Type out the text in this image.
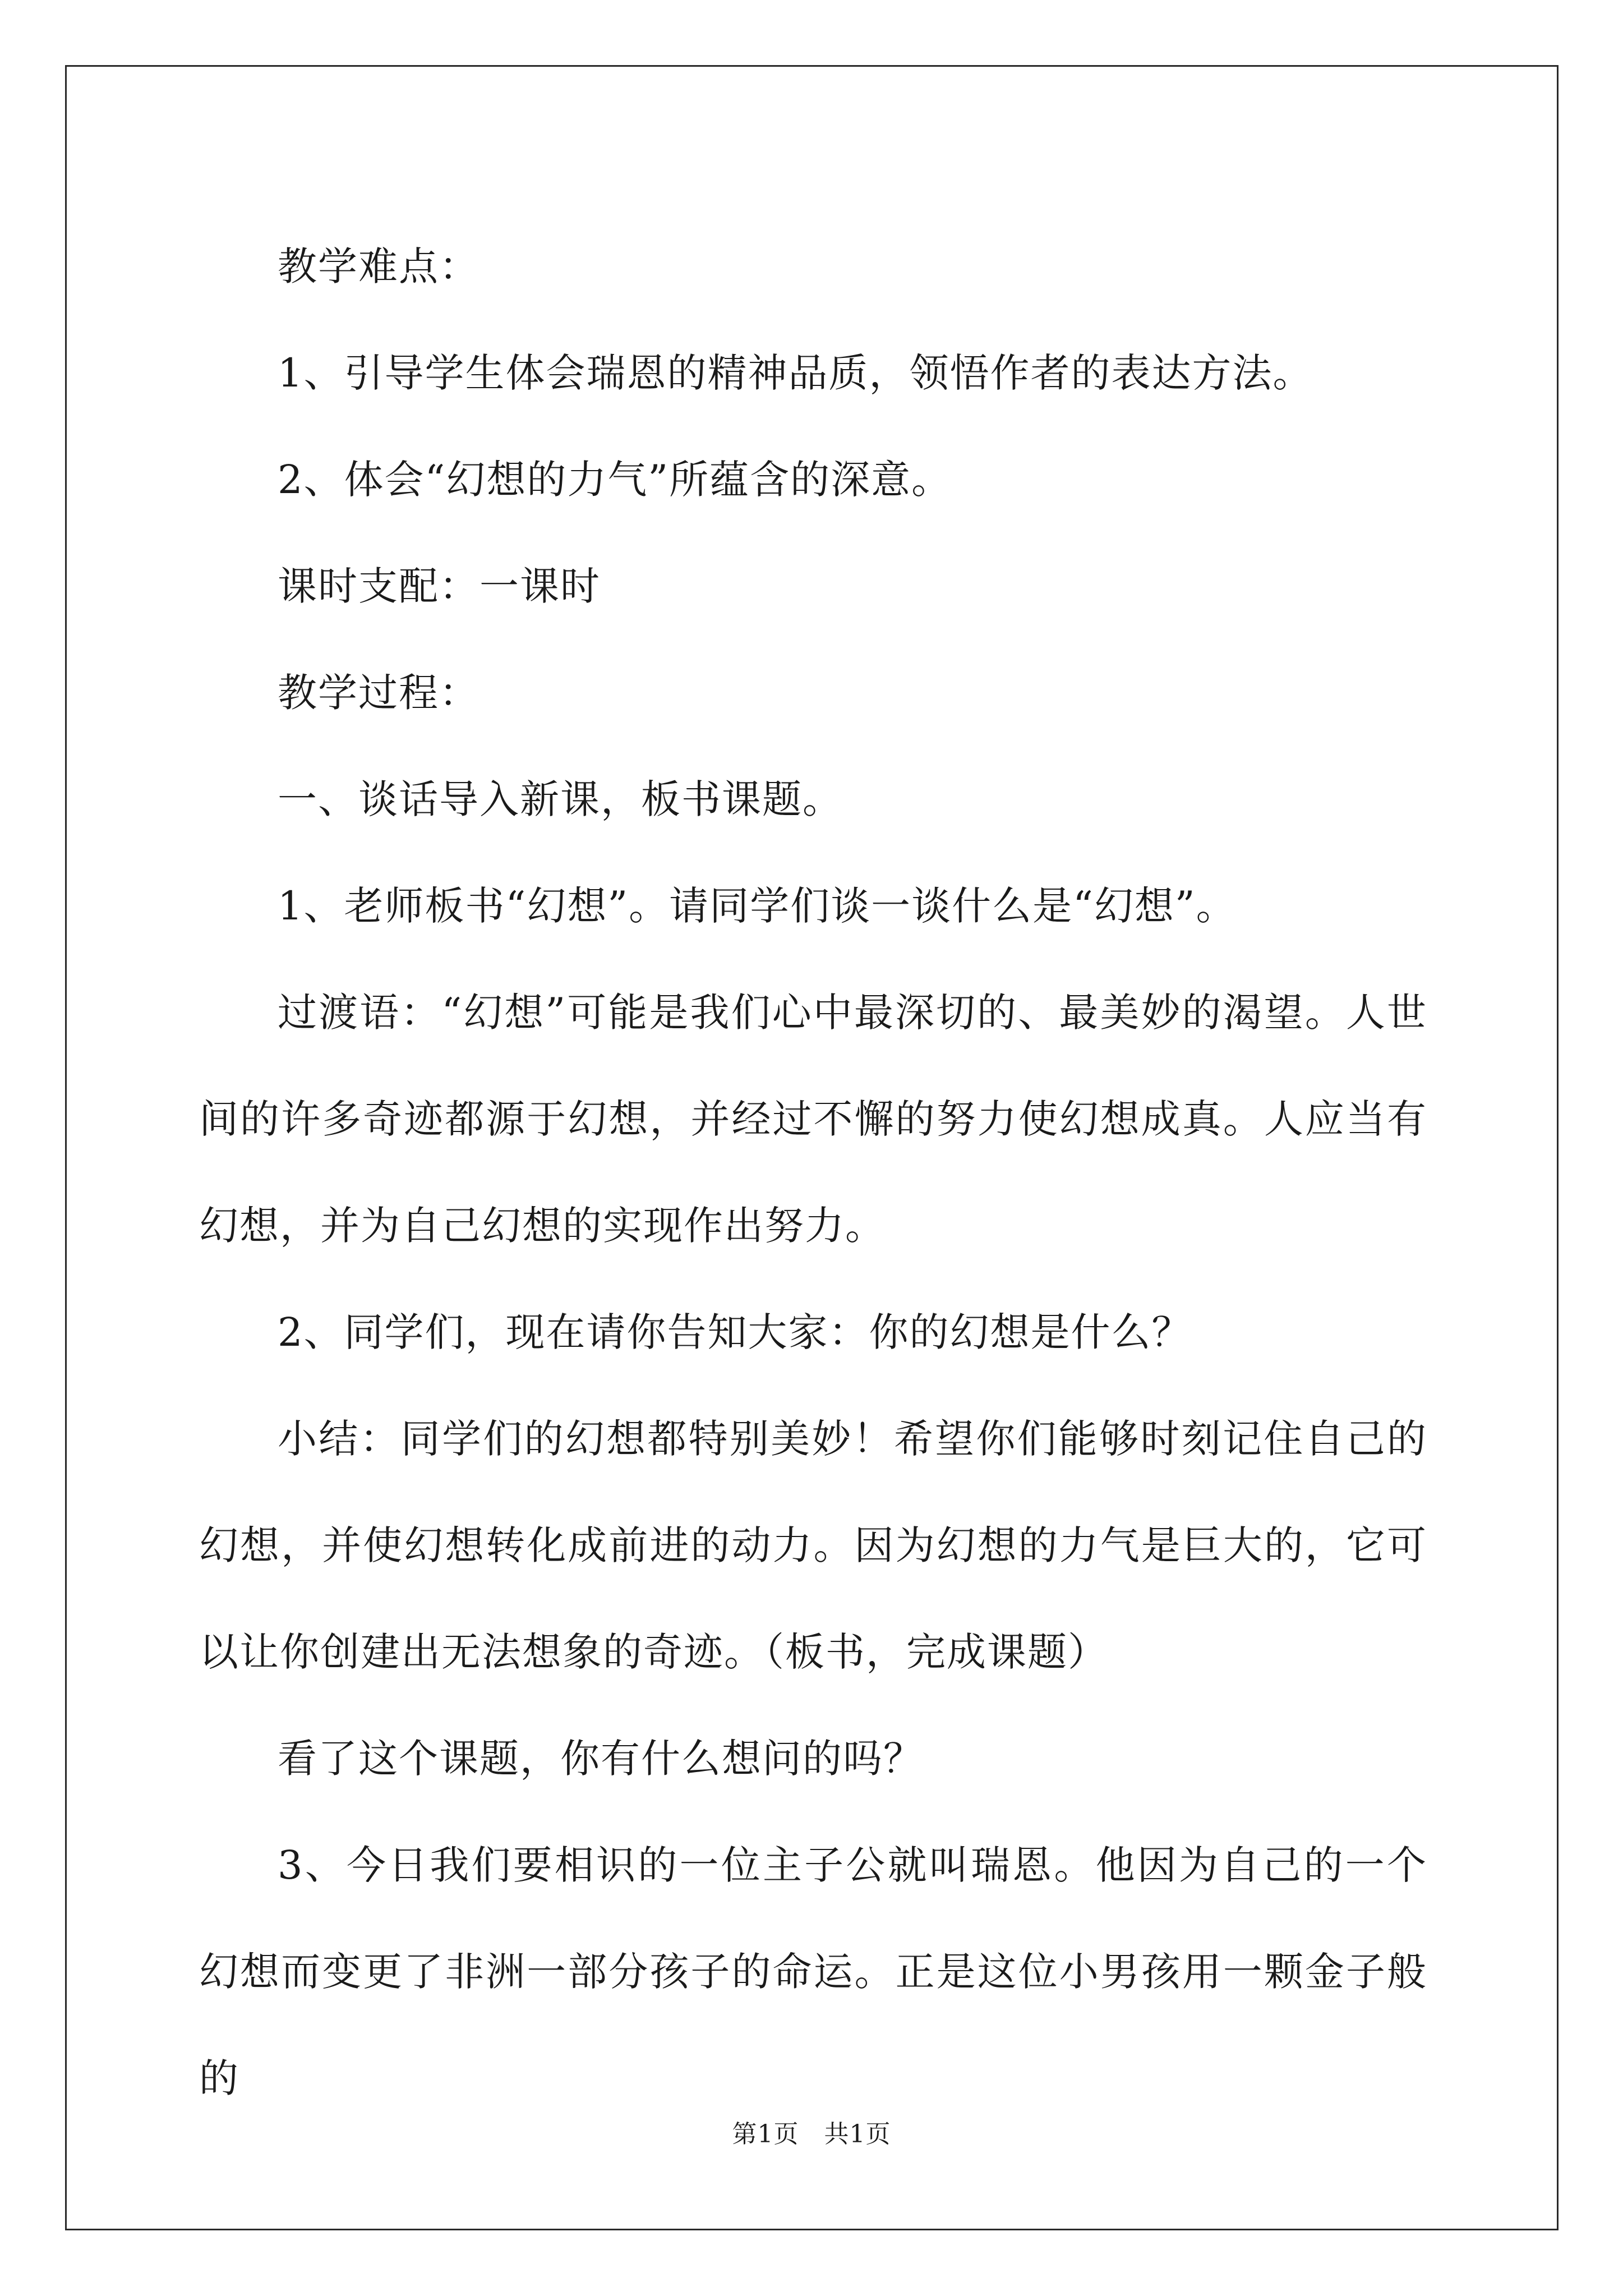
教学难点：

1、引导学生体会瑞恩的精神品质，领悟作者的表达方法。

2、体会“幻想的力气”所蕴含的深意。

课时支配：一课时

教学过程：

一、谈话导入新课，板书课题。

1、老师板书“幻想”。请同学们谈一谈什么是“幻想”。

过渡语：“幻想”可能是我们心中最深切的、最美妙的渴望。人世间的许多奇迹都源于幻想，并经过不懈的努力使幻想成真。人应当有幻想，并为自己幻想的实现作出努力。

2、同学们，现在请你告知大家：你的幻想是什么？

小结：同学们的幻想都特别美妙！希望你们能够时刻记住自己的幻想，并使幻想转化成前进的动力。因为幻想的力气是巨大的，它可以让你创建出无法想象的奇迹。（板书，完成课题）

看了这个课题，你有什么想问的吗？

3、今日我们要相识的一位主子公就叫瑞恩。他因为自己的一个幻想而变更了非洲一部分孩子的命运。正是这位小男孩用一颗金子般的

第1页　共1页
